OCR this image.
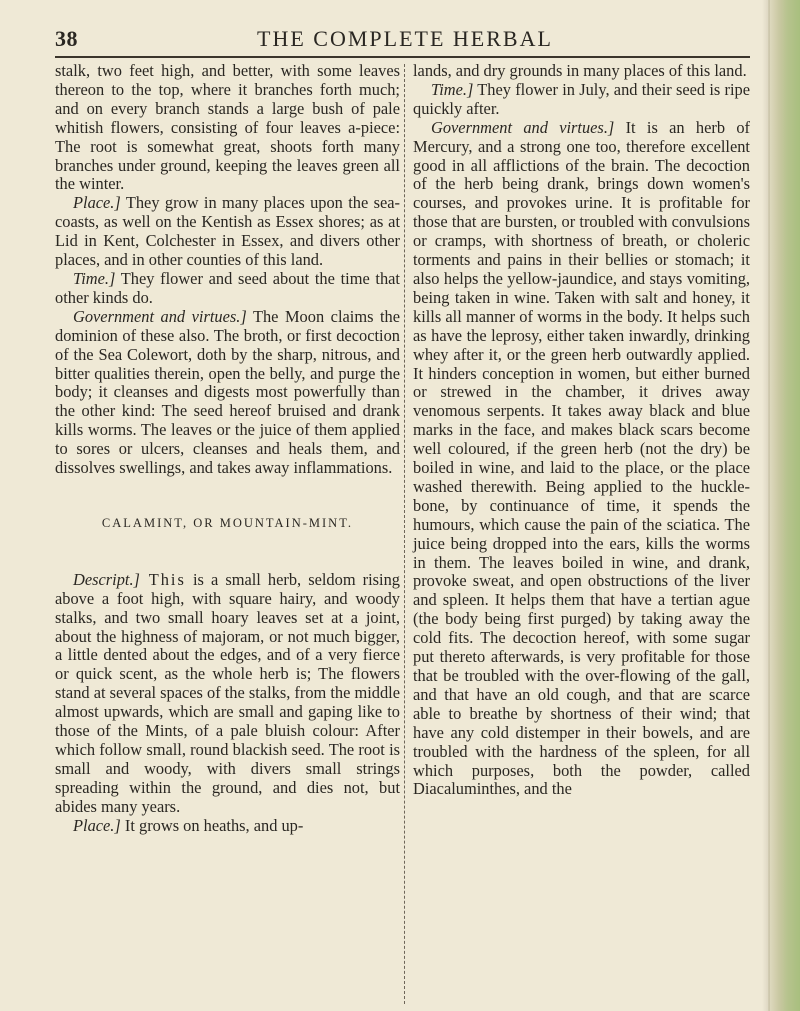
38	THE COMPLETE HERBAL

stalk, two feet high, and better, with some leaves thereon to the top, where it branches forth much; and on every branch stands a large bush of pale whitish flowers, consisting of four leaves a-piece: The root is somewhat great, shoots forth many branches under ground, keeping the leaves green all the winter.

Place.] They grow in many places upon the sea-coasts, as well on the Kentish as Essex shores; as at Lid in Kent, Colchester in Essex, and divers other places, and in other counties of this land.

Time.] They flower and seed about the time that other kinds do.

Government and virtues.] The Moon claims the dominion of these also. The broth, or first decoction of the Sea Colewort, doth by the sharp, nitrous, and bitter qualities therein, open the belly, and purge the body; it cleanses and digests most powerfully than the other kind: The seed hereof bruised and drank kills worms. The leaves or the juice of them applied to sores or ulcers, cleanses and heals them, and dissolves swellings, and takes away inflammations.

CALAMINT, OR MOUNTAIN-MINT.

Descript.] This is a small herb, seldom rising above a foot high, with square hairy, and woody stalks, and two small hoary leaves set at a joint, about the highness of majoram, or not much bigger, a little dented about the edges, and of a very fierce or quick scent, as the whole herb is; The flowers stand at several spaces of the stalks, from the middle almost upwards, which are small and gaping like to those of the Mints, of a pale bluish colour: After which follow small, round blackish seed. The root is small and woody, with divers small strings spreading within the ground, and dies not, but abides many years.

Place.] It grows on heaths, and up-

lands, and dry grounds in many places of this land.

Time.] They flower in July, and their seed is ripe quickly after.

Government and virtues.] It is an herb of Mercury, and a strong one too, therefore excellent good in all afflictions of the brain. The decoction of the herb being drank, brings down women's courses, and provokes urine. It is profitable for those that are bursten, or troubled with convulsions or cramps, with shortness of breath, or choleric torments and pains in their bellies or stomach; it also helps the yellow-jaundice, and stays vomiting, being taken in wine. Taken with salt and honey, it kills all manner of worms in the body. It helps such as have the leprosy, either taken inwardly, drinking whey after it, or the green herb outwardly applied. It hinders conception in women, but either burned or strewed in the chamber, it drives away venomous serpents. It takes away black and blue marks in the face, and makes black scars become well coloured, if the green herb (not the dry) be boiled in wine, and laid to the place, or the place washed therewith. Being applied to the huckle-bone, by continuance of time, it spends the humours, which cause the pain of the sciatica. The juice being dropped into the ears, kills the worms in them. The leaves boiled in wine, and drank, provoke sweat, and open obstructions of the liver and spleen. It helps them that have a tertian ague (the body being first purged) by taking away the cold fits. The decoction hereof, with some sugar put thereto afterwards, is very profitable for those that be troubled with the over-flowing of the gall, and that have an old cough, and that are scarce able to breathe by shortness of their wind; that have any cold distemper in their bowels, and are troubled with the hardness of the spleen, for all which purposes, both the powder, called Diacaluminthes, and the
